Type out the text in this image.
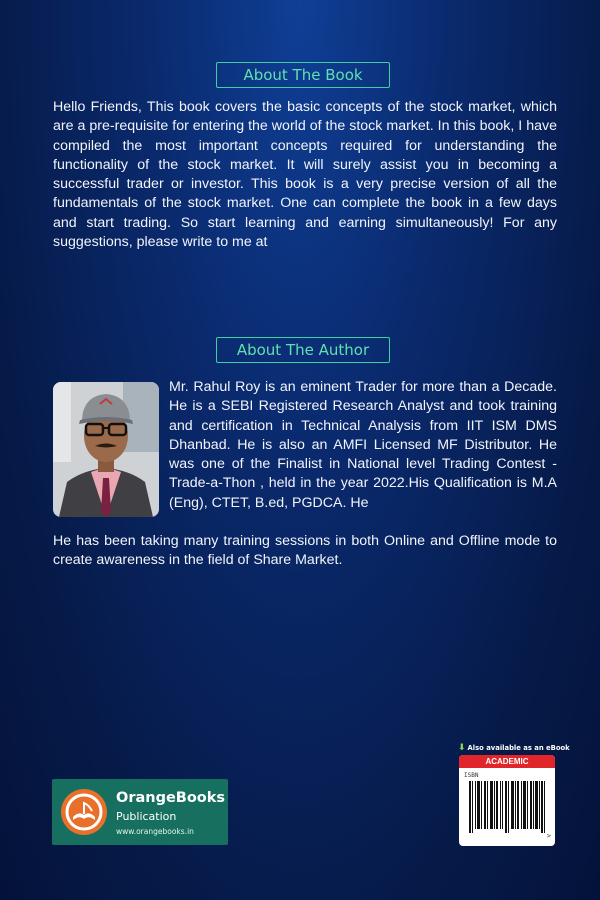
About The Book
Hello Friends, This book covers the basic concepts of the stock market, which are a pre-requisite for entering the world of the stock market. In this book, I have compiled the most important concepts required for understanding the functionality of the stock market. It will surely assist you in becoming a successful trader or investor. This book is a very precise version of all the fundamentals of the stock market. One can complete the book in a few days and start trading. So start learning and earning simultaneously! For any suggestions, please write to me at
About The Author
Mr. Rahul Roy is an eminent Trader for more than a Decade. He is a SEBI Registered Research Analyst and took training and certification in Technical Analysis from IIT ISM DMS Dhanbad. He is also an AMFI Licensed MF Distributor. He was one of the Finalist in National level Trading Contest -Trade-a-Thon , held in the year 2022.His Qualification is M.A (Eng), CTET, B.ed, PGDCA. He
He has been taking many training sessions in both Online and Offline mode to create awareness in the field of Share Market.
OrangeBooks
Publication
www.orangebooks.in
⬇ Also available as an eBook
ACADEMIC
ISBN
>
